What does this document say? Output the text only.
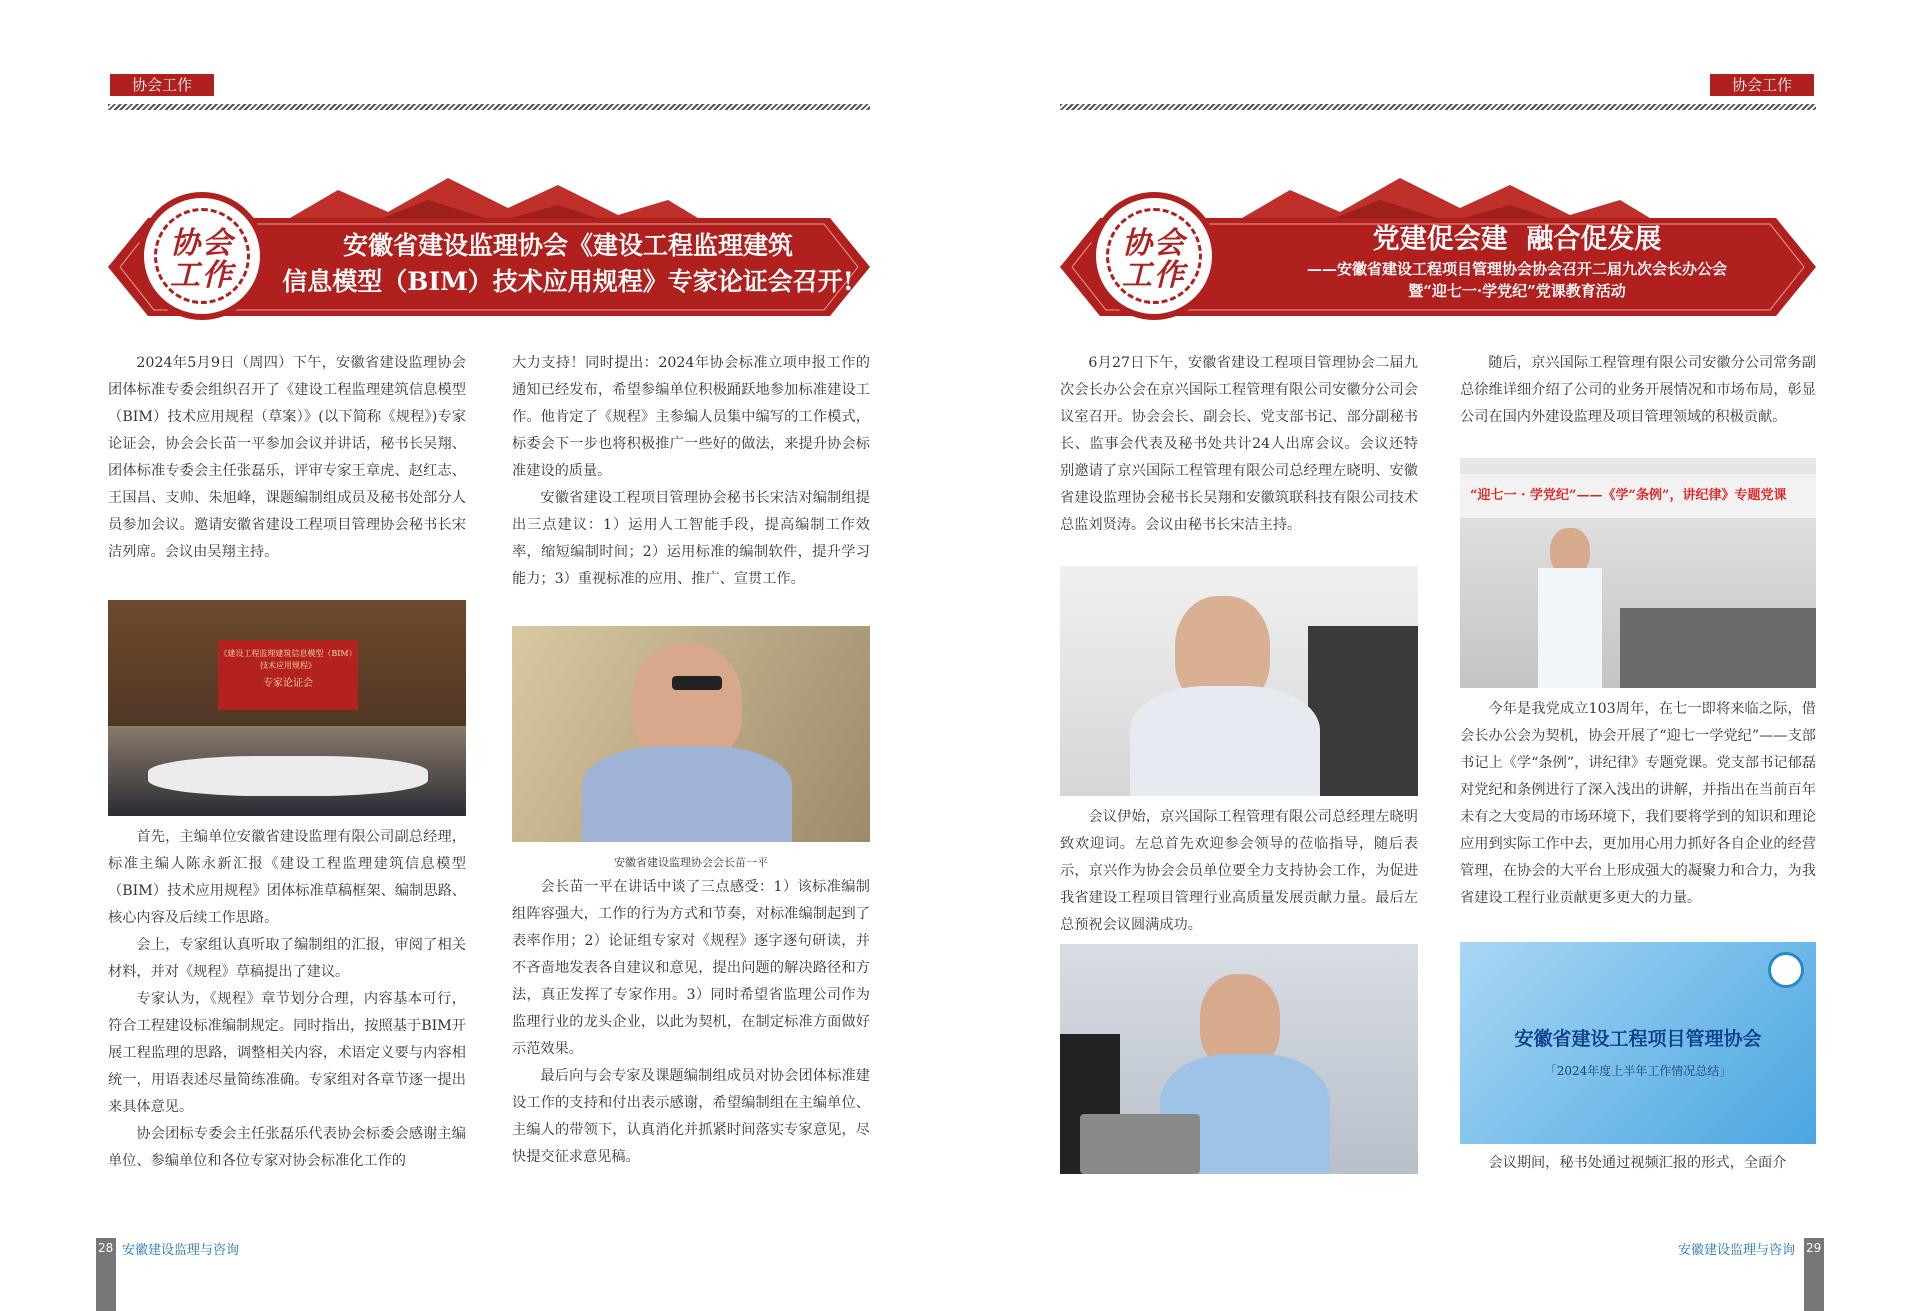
协会工作
协会工作
安徽省建设监理协会《建设工程监理建筑
信息模型（BIM）技术应用规程》专家论证会召开!

2024年5月9日（周四）下午，安徽省建设监理协会团体标准专委会组织召开了《建设工程监理建筑信息模型（BIM）技术应用规程（草案）》(以下简称《规程》)专家论证会，协会会长苗一平参加会议并讲话，秘书长吴翔、团体标准专委会主任张磊乐，评审专家王章虎、赵红志、王国昌、支帅、朱旭峰，课题编制组成员及秘书处部分人员参加会议。邀请安徽省建设工程项目管理协会秘书长宋洁列席。会议由吴翔主持。

《建设工程监理建筑信息模型（BIM）技术应用规程》
专家论证会

首先，主编单位安徽省建设监理有限公司副总经理，标准主编人陈永新汇报《建设工程监理建筑信息模型（BIM）技术应用规程》团体标准草稿框架、编制思路、核心内容及后续工作思路。

会上，专家组认真听取了编制组的汇报，审阅了相关材料，并对《规程》草稿提出了建议。

专家认为，《规程》章节划分合理，内容基本可行，符合工程建设标准编制规定。同时指出，按照基于BIM开展工程监理的思路，调整相关内容，术语定义要与内容相统一，用语表述尽量简练准确。专家组对各章节逐一提出来具体意见。

协会团标专委会主任张磊乐代表协会标委会感谢主编单位、参编单位和各位专家对协会标准化工作的

大力支持！同时提出：2024年协会标准立项申报工作的通知已经发布，希望参编单位积极踊跃地参加标准建设工作。他肯定了《规程》主参编人员集中编写的工作模式，标委会下一步也将积极推广一些好的做法，来提升协会标准建设的质量。

安徽省建设工程项目管理协会秘书长宋洁对编制组提出三点建议：1）运用人工智能手段，提高编制工作效率，缩短编制时间；2）运用标准的编制软件，提升学习能力；3）重视标准的应用、推广、宣贯工作。

安徽省建设监理协会会长苗一平

会长苗一平在讲话中谈了三点感受：1）该标准编制组阵容强大，工作的行为方式和节奏，对标准编制起到了表率作用；2）论证组专家对《规程》逐字逐句研读，并不吝啬地发表各自建议和意见，提出问题的解决路径和方法，真正发挥了专家作用。3）同时希望省监理公司作为监理行业的龙头企业，以此为契机，在制定标准方面做好示范效果。

最后向与会专家及课题编制组成员对协会团体标准建设工作的支持和付出表示感谢，希望编制组在主编单位、主编人的带领下，认真消化并抓紧时间落实专家意见，尽快提交征求意见稿。

28 安徽建设监理与咨询
协会工作
协会工作
党建促会建  融合促发展
——安徽省建设工程项目管理协会协会召开二届九次会长办公会
暨“迎七一·学党纪”党课教育活动

6月27日下午，安徽省建设工程项目管理协会二届九次会长办公会在京兴国际工程管理有限公司安徽分公司会议室召开。协会会长、副会长、党支部书记、部分副秘书长、监事会代表及秘书处共计24人出席会议。会议还特别邀请了京兴国际工程管理有限公司总经理左晓明、安徽省建设监理协会秘书长吴翔和安徽筑联科技有限公司技术总监刘贤涛。会议由秘书长宋洁主持。

会议伊始，京兴国际工程管理有限公司总经理左晓明致欢迎词。左总首先欢迎参会领导的莅临指导，随后表示，京兴作为协会会员单位要全力支持协会工作，为促进我省建设工程项目管理行业高质量发展贡献力量。最后左总预祝会议圆满成功。

随后，京兴国际工程管理有限公司安徽分公司常务副总徐维详细介绍了公司的业务开展情况和市场布局，彰显公司在国内外建设监理及项目管理领域的积极贡献。

“迎七一 · 学党纪”——《学“条例”，讲纪律》专题党课

今年是我党成立103周年，在七一即将来临之际，借会长办公会为契机，协会开展了“迎七一学党纪”——支部书记上《学“条例”，讲纪律》专题党课。党支部书记郁磊对党纪和条例进行了深入浅出的讲解，并指出在当前百年未有之大变局的市场环境下，我们要将学到的知识和理论应用到实际工作中去，更加用心用力抓好各自企业的经营管理，在协会的大平台上形成强大的凝聚力和合力，为我省建设工程行业贡献更多更大的力量。

安徽省建设工程项目管理协会
「2024年度上半年工作情况总结」

会议期间，秘书处通过视频汇报的形式，全面介

29
安徽建设监理与咨询
